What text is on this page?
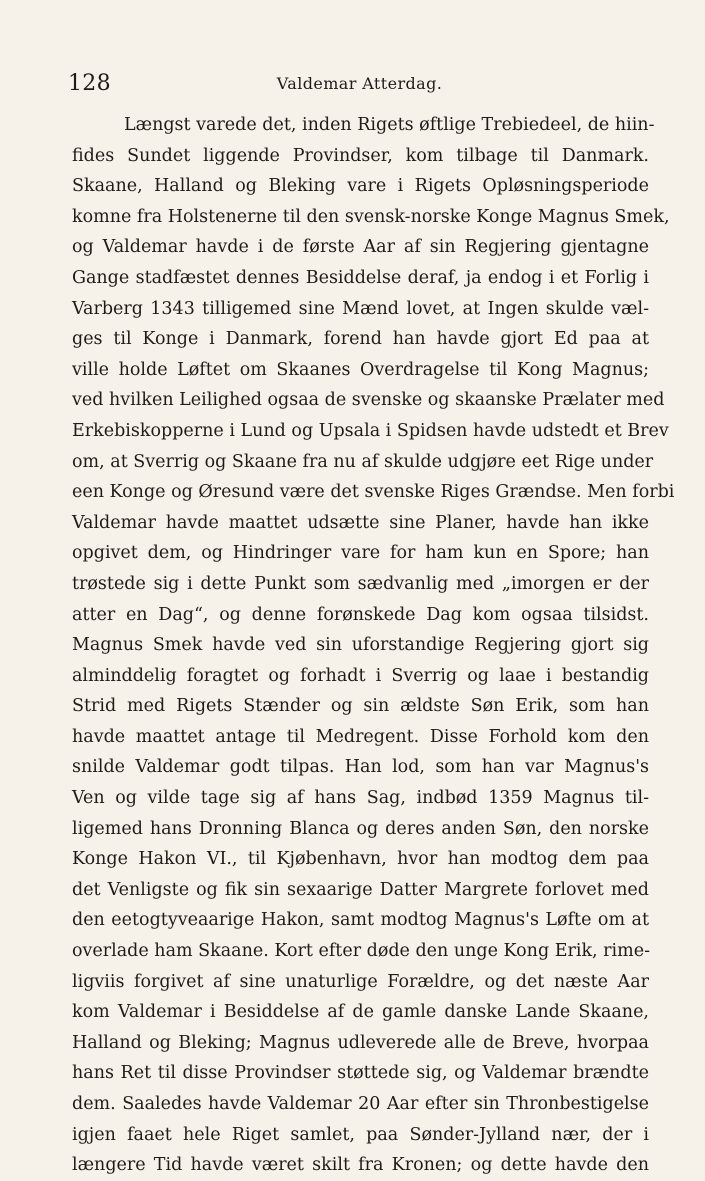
128	Valdemar Atterdag.
Længst varede det, inden Rigets øftlige Trebiedeel, de hiin-
fides Sundet liggende Provindser, kom tilbage til Danmark.
Skaane, Halland og Bleking vare i Rigets Opløsningsperiode
komne fra Holstenerne til den svensk-norske Konge Magnus Smek,
og Valdemar havde i de første Aar af sin Regjering gjentagne
Gange stadfæstet dennes Besiddelse deraf, ja endog i et Forlig i
Varberg 1343 tilligemed sine Mænd lovet, at Ingen skulde væl-
ges til Konge i Danmark, forend han havde gjort Ed paa at
ville holde Løftet om Skaanes Overdragelse til Kong Magnus;
ved hvilken Leilighed ogsaa de svenske og skaanske Prælater med
Erkebiskopperne i Lund og Upsala i Spidsen havde udstedt et Brev
om, at Sverrig og Skaane fra nu af skulde udgjøre eet Rige under
een Konge og Øresund være det svenske Riges Grændse. Men forbi
Valdemar havde maattet udsætte sine Planer, havde han ikke
opgivet dem, og Hindringer vare for ham kun en Spore; han
trøstede sig i dette Punkt som sædvanlig med „imorgen er der
atter en Dag“, og denne forønskede Dag kom ogsaa tilsidst.
Magnus Smek havde ved sin uforstandige Regjering gjort sig
alminddelig foragtet og forhadt i Sverrig og laae i bestandig
Strid med Rigets Stænder og sin ældste Søn Erik, som han
havde maattet antage til Medregent. Disse Forhold kom den
snilde Valdemar godt tilpas. Han lod, som han var Magnus's
Ven og vilde tage sig af hans Sag, indbød 1359 Magnus til-
ligemed hans Dronning Blanca og deres anden Søn, den norske
Konge Hakon VI., til Kjøbenhavn, hvor han modtog dem paa
det Venligste og fik sin sexaarige Datter Margrete forlovet med
den eetogtyveaarige Hakon, samt modtog Magnus's Løfte om at
overlade ham Skaane. Kort efter døde den unge Kong Erik, rime-
ligviis forgivet af sine unaturlige Forældre, og det næste Aar
kom Valdemar i Besiddelse af de gamle danske Lande Skaane,
Halland og Bleking; Magnus udleverede alle de Breve, hvorpaa
hans Ret til disse Provindser støttede sig, og Valdemar brændte
dem. Saaledes havde Valdemar 20 Aar efter sin Thronbestigelse
igjen faaet hele Riget samlet, paa Sønder-Jylland nær, der i
længere Tid havde været skilt fra Kronen; og dette havde den
